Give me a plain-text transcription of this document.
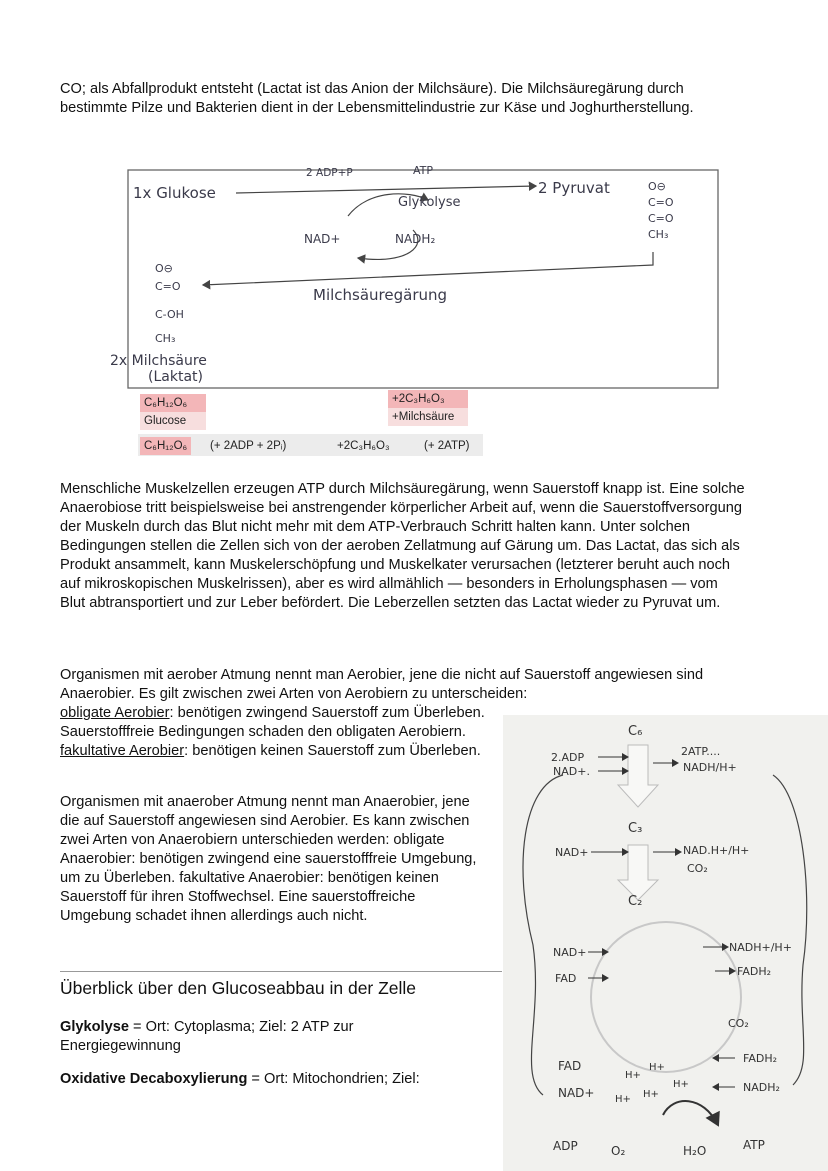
CO; als Abfallprodukt entsteht (Lactat ist das Anion der Milchsäure). Die Milchsäuregärung durch bestimmte Pilze und Bakterien dient in der Lebensmittelindustrie zur Käse und Joghurtherstellung.

1x Glukose
2 ADP+P	ATP
Glykolyse
2 Pyruvat
NAD+	NADH₂
Milchsäuregärung
O⊖
C=O
C=O
CH₃
O⊖
C=O
C-OH
CH₃
2x Milchsäure
(Laktat)
C₆H₁₂O₆
Glucose
+2C₃H₆O₃
+Milchsäure
C₆H₁₂O₆	(+ 2ADP + 2Pᵢ)	+2C₃H₆O₃	(+ 2ATP)

Menschliche Muskelzellen erzeugen ATP durch Milchsäuregärung, wenn Sauerstoff knapp ist. Eine solche Anaerobiose tritt beispielsweise bei anstrengender körperlicher Arbeit auf, wenn die Sauerstoffversorgung der Muskeln durch das Blut nicht mehr mit dem ATP-Verbrauch Schritt halten kann. Unter solchen Bedingungen stellen die Zellen sich von der aeroben Zellatmung auf Gärung um. Das Lactat, das sich als Produkt ansammelt, kann Muskelerschöpfung und Muskelkater verursachen (letzterer beruht auch noch auf mikroskopischen Muskelrissen), aber es wird allmählich — besonders in Erholungsphasen — vom Blut abtransportiert und zur Leber befördert. Die Leberzellen setzten das Lactat wieder zu Pyruvat um.

Organismen mit aerober Atmung nennt man Aerobier, jene die nicht auf Sauerstoff angewiesen sind Anaerobier. Es gilt zwischen zwei Arten von Aerobiern zu unterscheiden:

obligate Aerobier: benötigen zwingend Sauerstoff zum Überleben. Sauerstofffreie Bedingungen schaden den obligaten Aerobiern. fakultative Aerobier: benötigen keinen Sauerstoff zum Überleben.

Organismen mit anaerober Atmung nennt man Anaerobier, jene die auf Sauerstoff angewiesen sind Aerobier. Es kann zwischen zwei Arten von Anaerobiern unterschieden werden: obligate Anaerobier: benötigen zwingend eine sauerstofffreie Umgebung, um zu Überleben. fakultative Anaerobier: benötigen keinen Sauerstoff für ihren Stoffwechsel. Eine sauerstoffreiche Umgebung schadet ihnen allerdings auch nicht.

Überblick über den Glucoseabbau in der Zelle

Glykolyse = Ort: Cytoplasma; Ziel: 2 ATP zur Energiegewinnung

Oxidative Decaboxylierung = Ort: Mitochondrien; Ziel:

C₆
C₃
C₂
2.ADP
NAD+.
2ATP....
NADH/H+
NAD+	NAD.H+/H+
CO₂
NAD+
FAD
NADH+/H+
FADH₂
CO₂
FAD
NAD+
FADH₂
NADH₂
H+
H+
H+ H+
H+
ADP	O₂	H₂O	ATP
